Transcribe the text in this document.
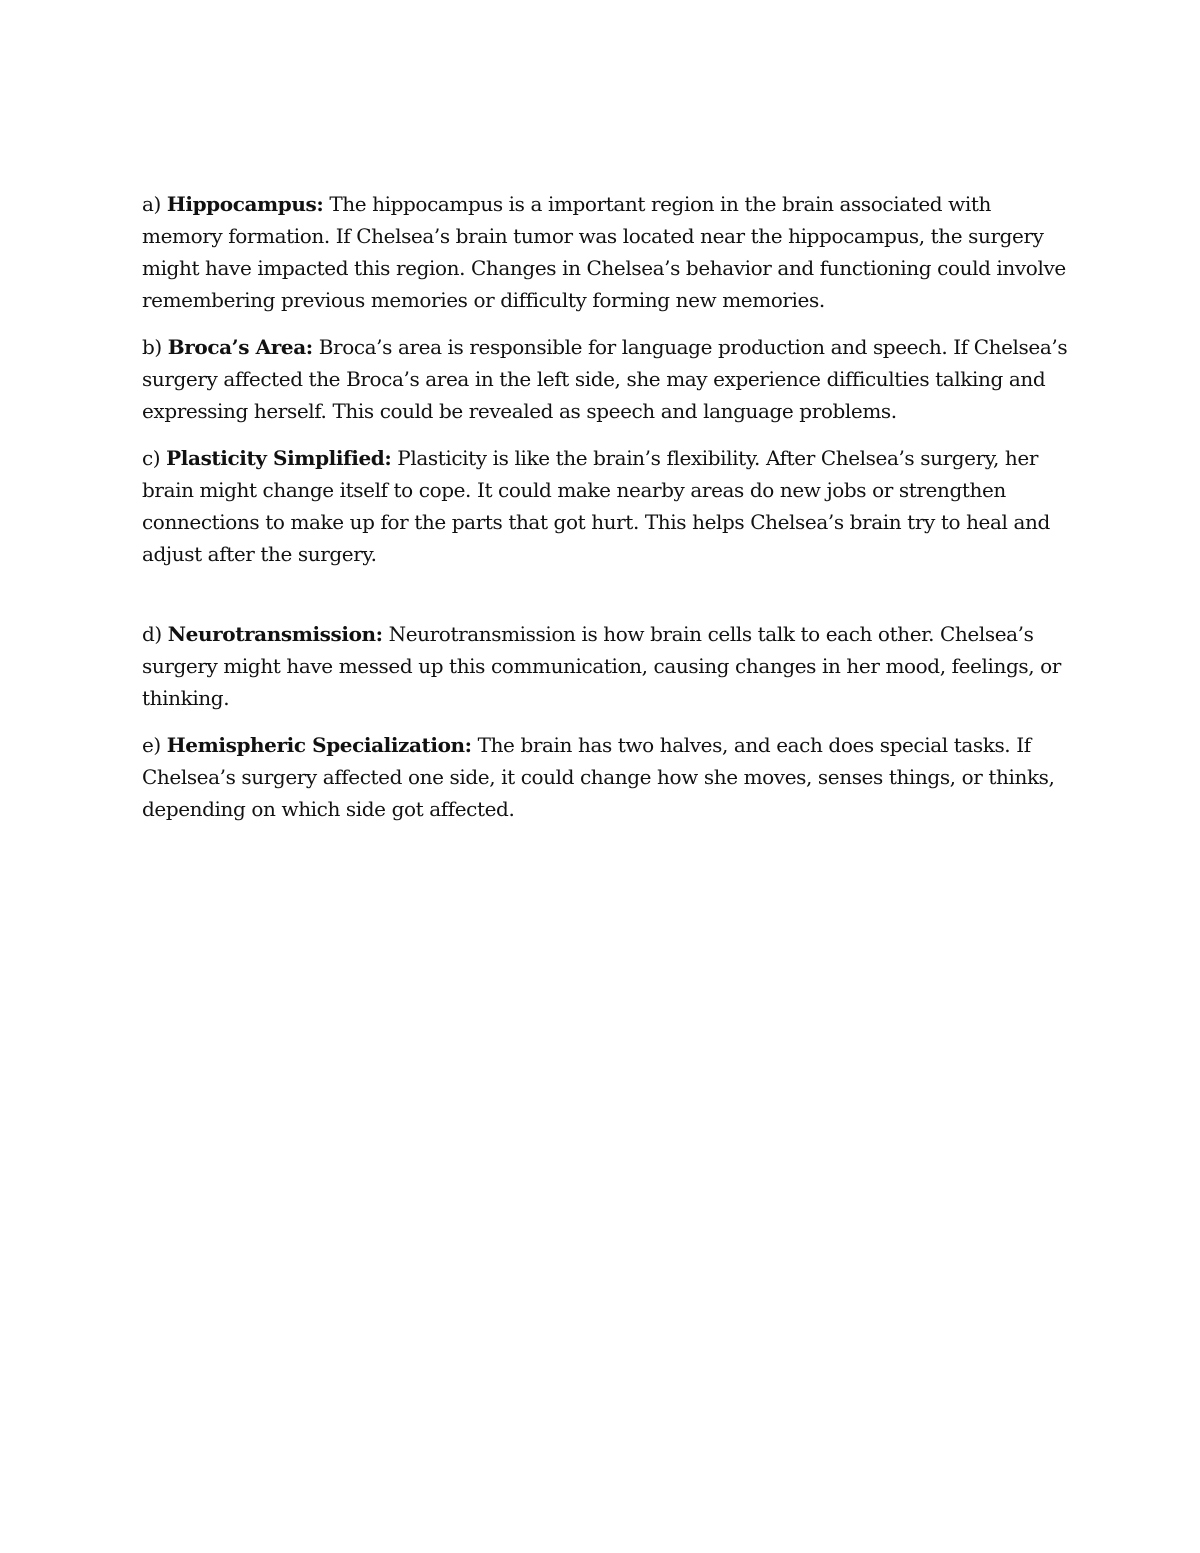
a) Hippocampus: The hippocampus is a important region in the brain associated with memory formation. If Chelsea’s brain tumor was located near the hippocampus, the surgery might have impacted this region. Changes in Chelsea’s behavior and functioning could involve remembering previous memories or difficulty forming new memories.

b) Broca’s Area: Broca’s area is responsible for language production and speech. If Chelsea’s surgery affected the Broca’s area in the left side, she may experience difficulties talking and expressing herself. This could be revealed as speech and language problems.

c) Plasticity Simplified: Plasticity is like the brain’s flexibility. After Chelsea’s surgery, her brain might change itself to cope. It could make nearby areas do new jobs or strengthen connections to make up for the parts that got hurt. This helps Chelsea’s brain try to heal and adjust after the surgery.

d) Neurotransmission: Neurotransmission is how brain cells talk to each other. Chelsea’s surgery might have messed up this communication, causing changes in her mood, feelings, or thinking.

e) Hemispheric Specialization: The brain has two halves, and each does special tasks. If Chelsea’s surgery affected one side, it could change how she moves, senses things, or thinks, depending on which side got affected.
